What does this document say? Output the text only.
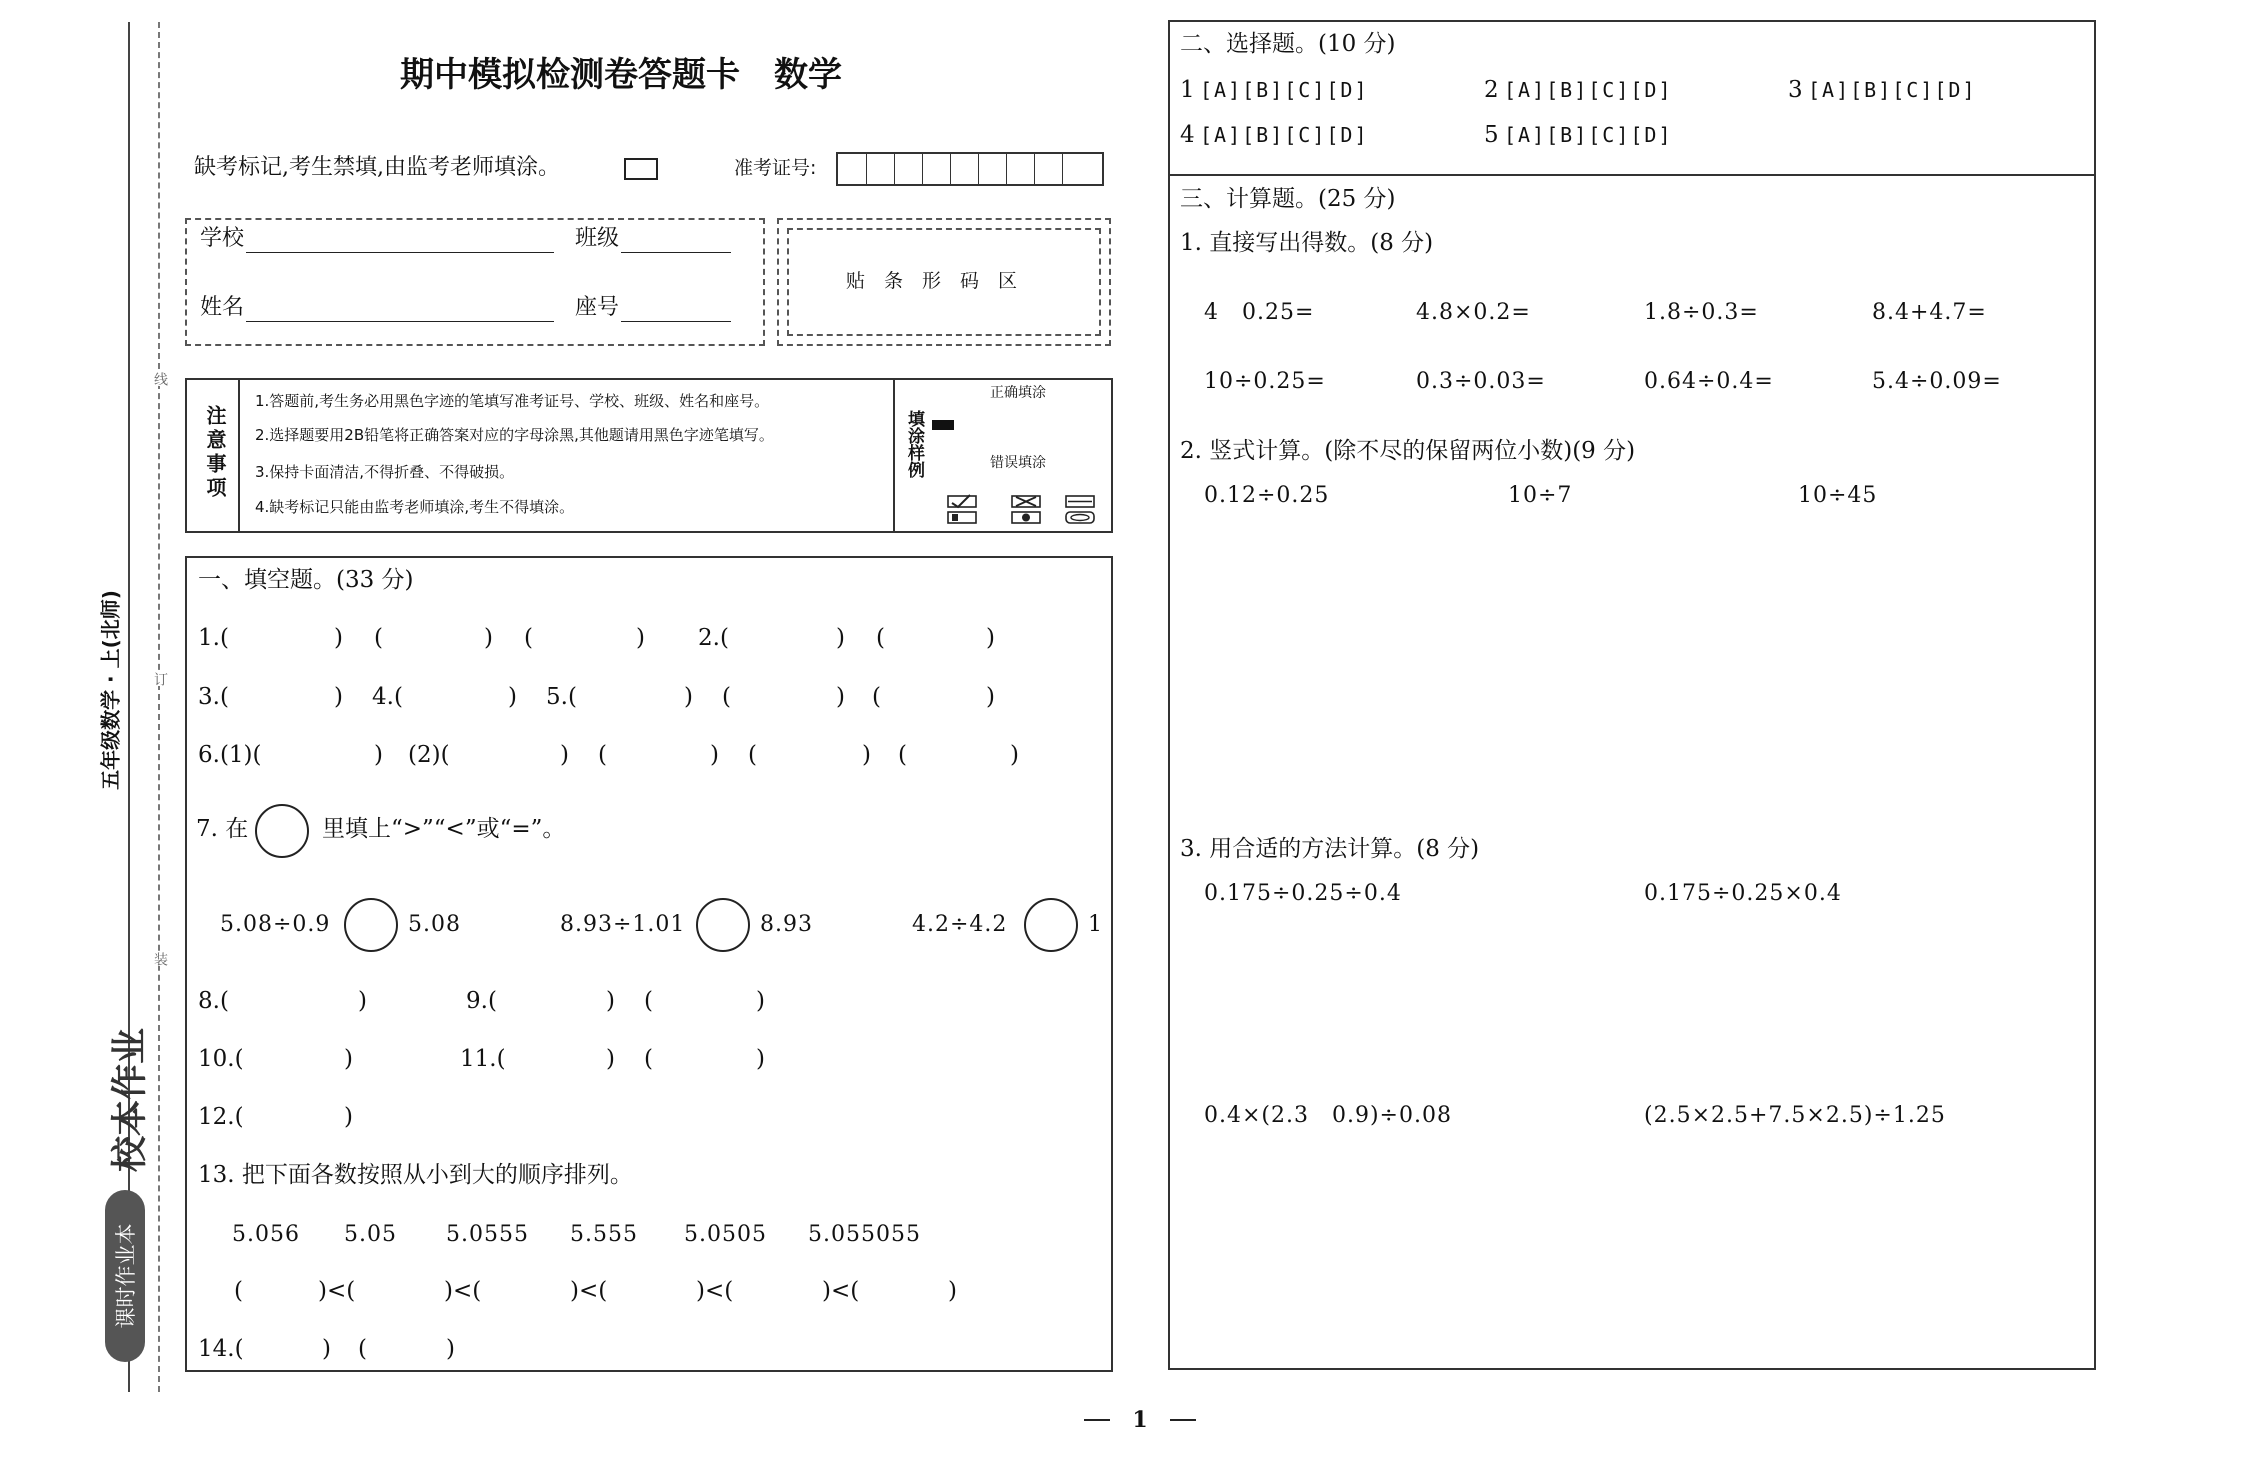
线
订
装
五年级数学 · 上(北师)
课时作业本
校本作业
期中模拟检测卷答题卡　数学
缺考标记,考生禁填,由监考老师填涂。	准考证号:
学校	班级
姓名	座号
贴　条　形　码　区
注意事项
1.答题前,考生务必用黑色字迹的笔填写准考证号、学校、班级、姓名和座号。
2.选择题要用2B铅笔将正确答案对应的字母涂黑,其他题请用黑色字迹笔填写。
3.保持卡面清洁,不得折叠、不得破损。
4.缺考标记只能由监考老师填涂,考生不得填涂。
填涂样例
正确填涂
错误填涂
一、填空题。(33 分)
1.(	) (	) (	) 2.(	) (	)
3.(	) 4.(	) 5.(	) (	) (	)
6.(1)(	) (2)(	) (	) (	) (	)
7. 在	里填上“>”“<”或“=”。
5.08÷0.9	5.08	8.93÷1.01	8.93	4.2÷4.2	1
8.(	)	9.(	) (	)
10.(	)	11.(	) (	)
12.(	)
13. 把下面各数按照从小到大的顺序排列。
5.056 5.05 5.0555 5.555 5.0505 5.055055
(	)<(	)<(	)<(	)<(	)<(	)
14.(	) (	)
二、选择题。(10 分)
1 [A][B][C][D]	2 [A][B][C][D]	3 [A][B][C][D]
4 [A][B][C][D]	5 [A][B][C][D]
三、计算题。(25 分)
1. 直接写出得数。(8 分)
4　0.25=	4.8×0.2=	1.8÷0.3=	8.4+4.7=
10÷0.25=	0.3÷0.03=	0.64÷0.4=	5.4÷0.09=
2. 竖式计算。(除不尽的保留两位小数)(9 分)
0.12÷0.25	10÷7	10÷45
3. 用合适的方法计算。(8 分)
0.175÷0.25÷0.4	0.175÷0.25×0.4
0.4×(2.3　0.9)÷0.08	(2.5×2.5+7.5×2.5)÷1.25
1
